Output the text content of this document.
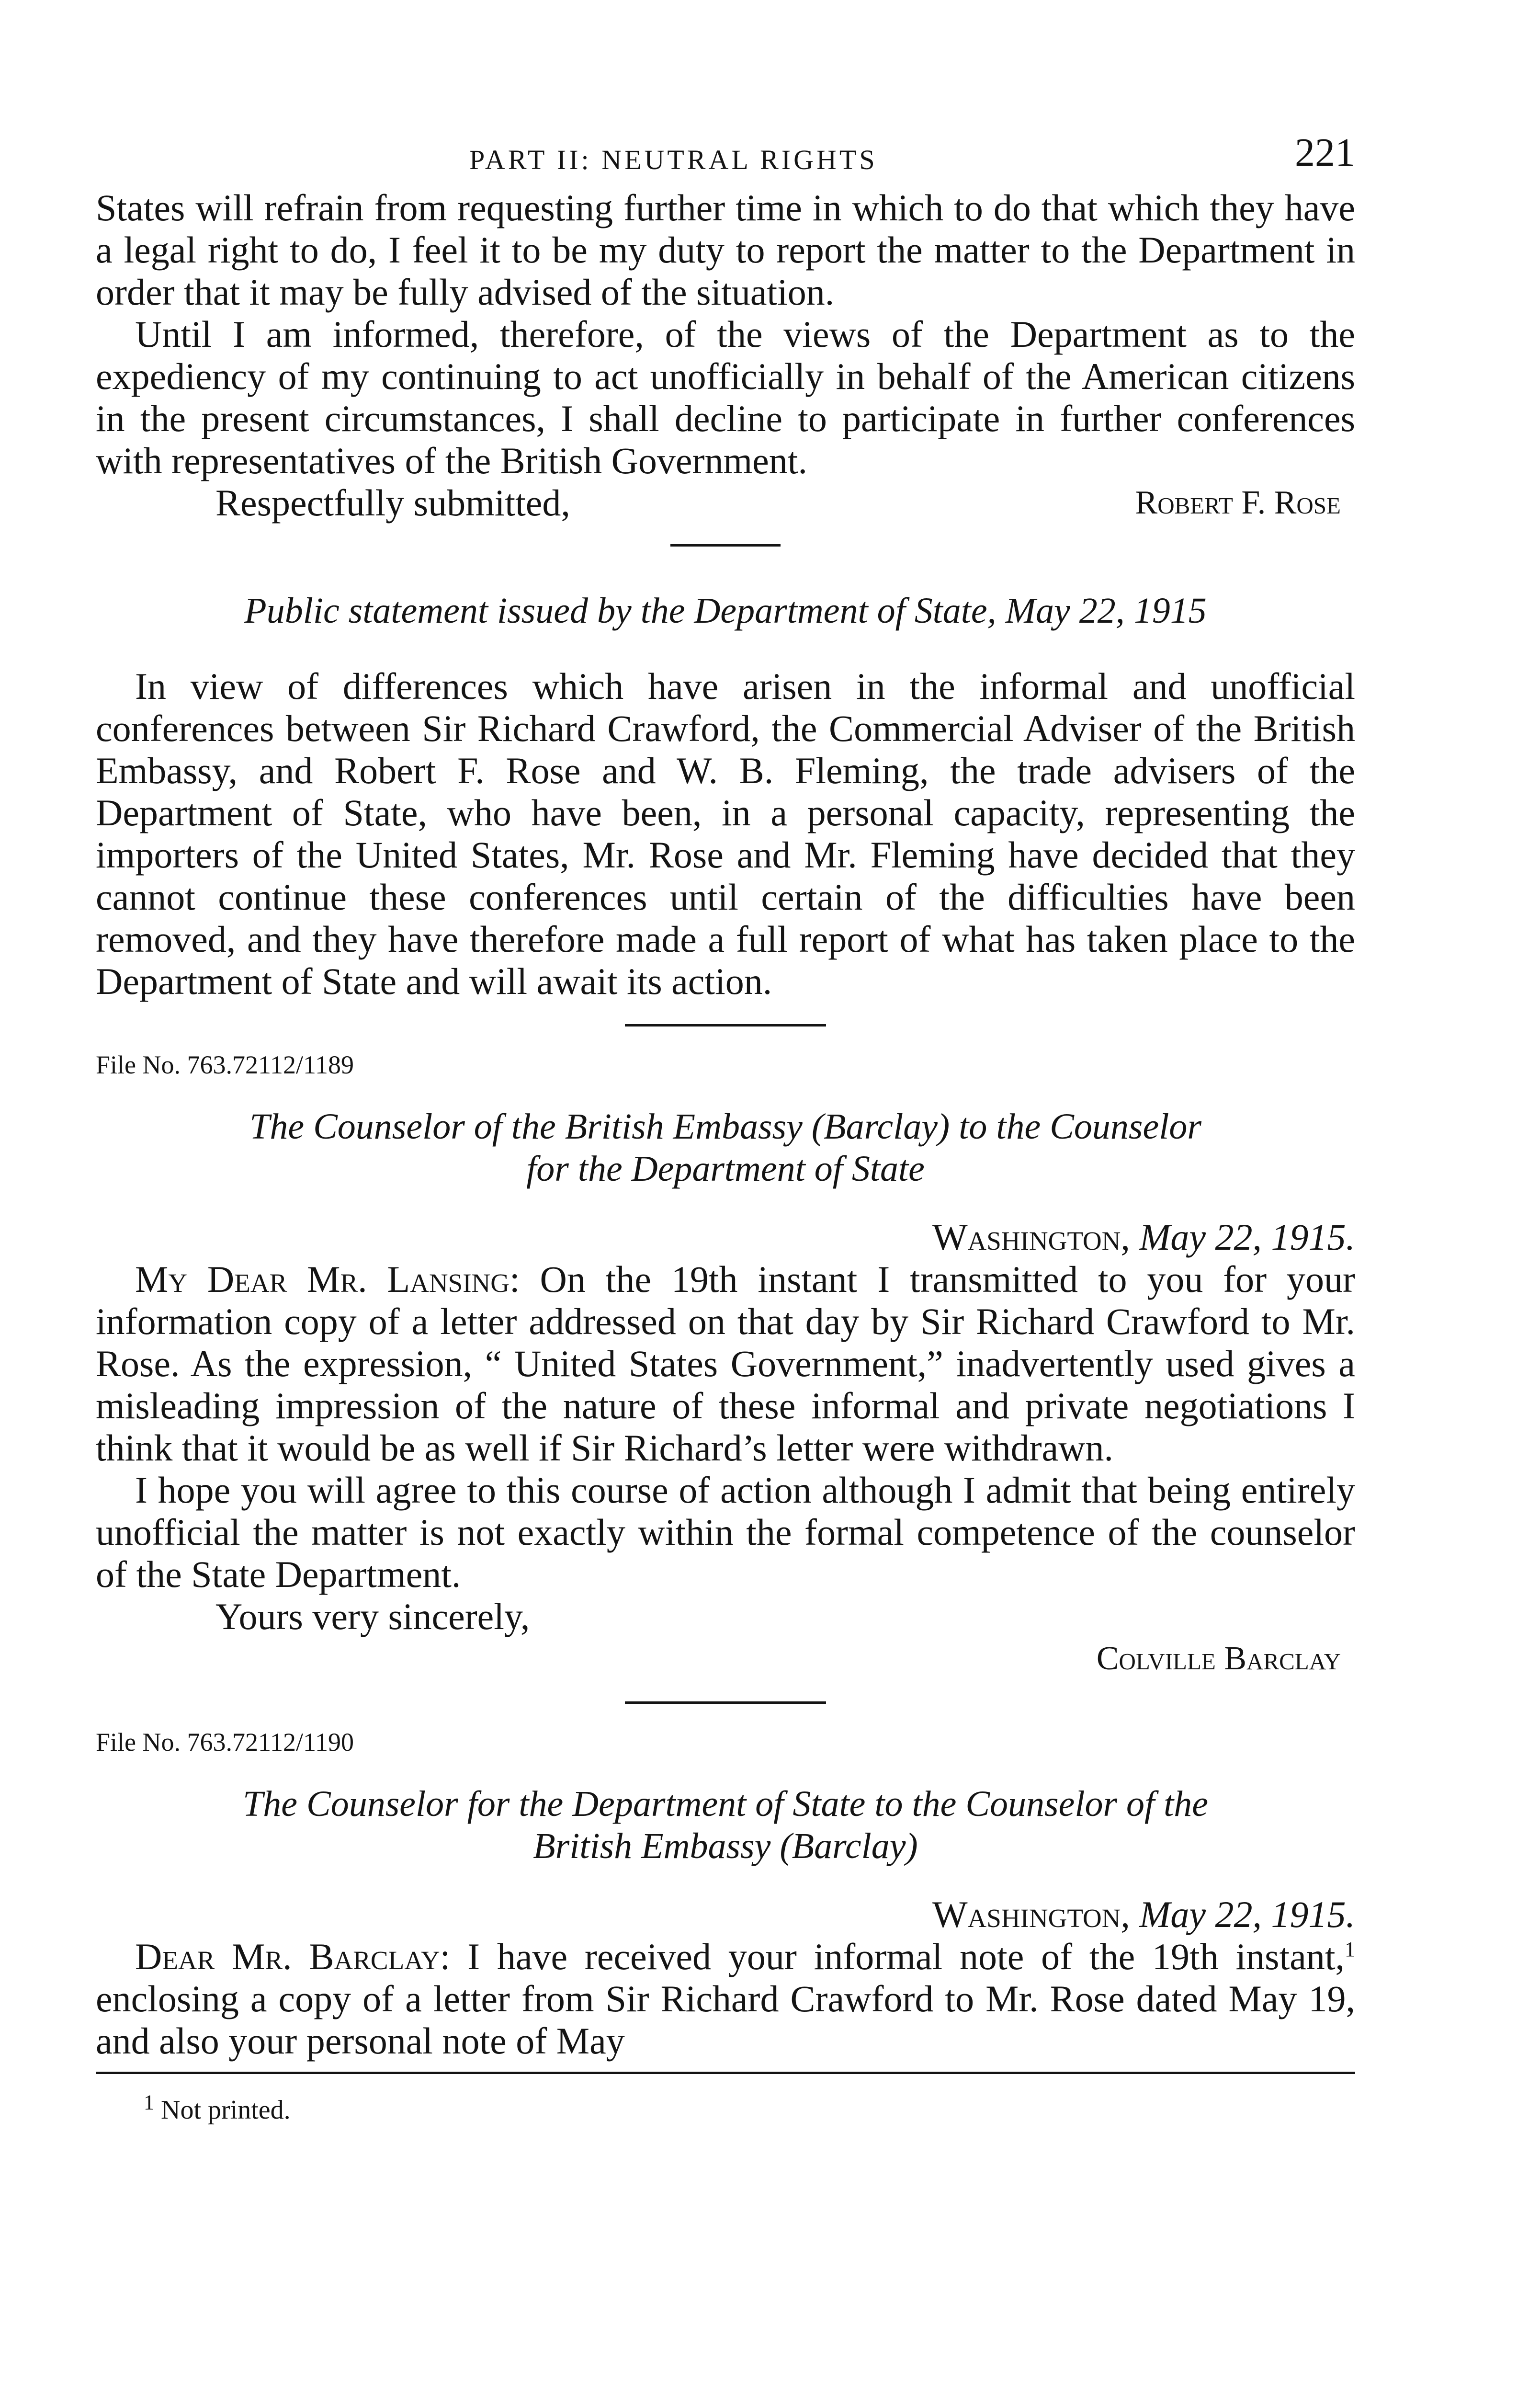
PART II: NEUTRAL RIGHTS	221

States will refrain from requesting further time in which to do that which they have a legal right to do, I feel it to be my duty to report the matter to the Department in order that it may be fully advised of the situation.

Until I am informed, therefore, of the views of the Department as to the expediency of my continuing to act unofficially in behalf of the American citizens in the present circumstances, I shall decline to participate in further conferences with representatives of the British Government.

Respectfully submitted,	Robert F. Rose

Public statement issued by the Department of State, May 22, 1915

In view of differences which have arisen in the informal and unofficial conferences between Sir Richard Crawford, the Commercial Adviser of the British Embassy, and Robert F. Rose and W. B. Fleming, the trade advisers of the Department of State, who have been, in a personal capacity, representing the importers of the United States, Mr. Rose and Mr. Fleming have decided that they cannot continue these conferences until certain of the difficulties have been removed, and they have therefore made a full report of what has taken place to the Department of State and will await its action.

File No. 763.72112/1189

The Counselor of the British Embassy (Barclay) to the Counselor

for the Department of State

Washington, May 22, 1915.

My Dear Mr. Lansing: On the 19th instant I transmitted to you for your information copy of a letter addressed on that day by Sir Richard Crawford to Mr. Rose. As the expression, “ United States Government,” inadvertently used gives a misleading impression of the nature of these informal and private negotiations I think that it would be as well if Sir Richard’s letter were withdrawn.

I hope you will agree to this course of action although I admit that being entirely unofficial the matter is not exactly within the formal competence of the counselor of the State Department.

Yours very sincerely,
Colville Barclay

File No. 763.72112/1190

The Counselor for the Department of State to the Counselor of the

British Embassy (Barclay)

Washington, May 22, 1915.

Dear Mr. Barclay: I have received your informal note of the 19th instant,$^1$ enclosing a copy of a letter from Sir Richard Crawford to Mr. Rose dated May 19, and also your personal note of May

$^1$ Not printed.
